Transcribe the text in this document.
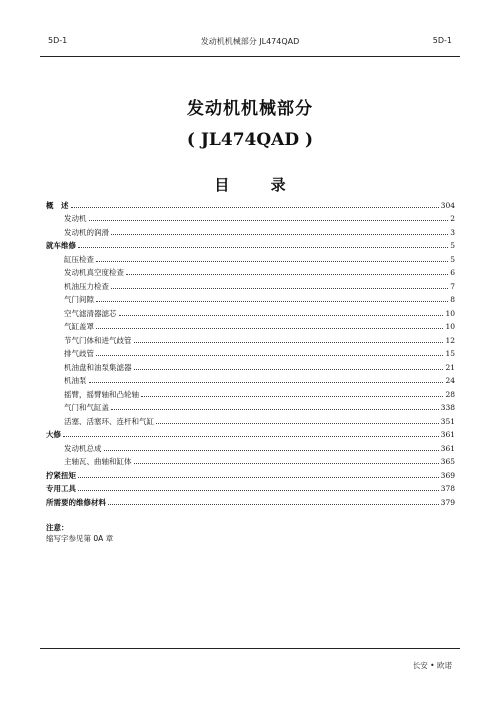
5D-1	发动机机械部分 JL474QAD	5D-1
发动机机械部分
( JL474QAD )
目 录
概　述	304
发动机	2
发动机的润滑	3
就车维修	5
缸压检查	5
发动机真空度检查	6
机油压力检查	7
气门间隙	8
空气滤清器滤芯	10
气缸盖罩	10
节气门体和进气歧管	12
排气歧管	15
机油盘和油泵集滤器	21
机油泵	24
摇臂，摇臂轴和凸轮轴	28
气门和气缸盖	338
活塞、活塞环、连杆和气缸	351
大修	361
发动机总成	361
主轴瓦、曲轴和缸体	365
拧紧扭矩	369
专用工具	378
所需要的维修材料	379
注意：
缩写字参见第 0A 章
长安 • 欧诺
